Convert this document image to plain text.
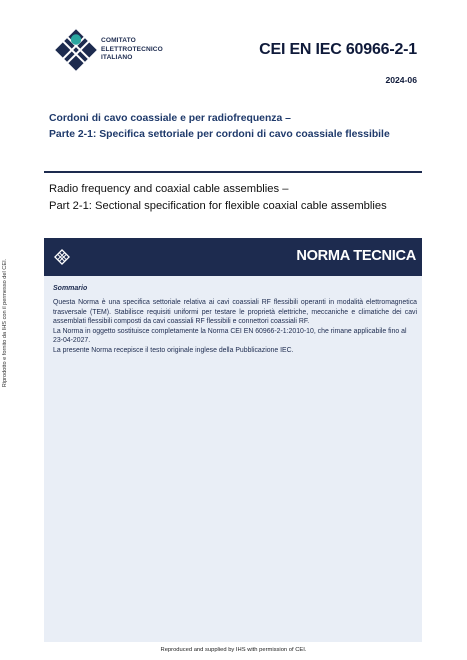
Riprodotto e fornito da IHS con il permesso del CEI.
COMITATO
ELETTROTECNICO
ITALIANO	CEI EN IEC 60966-2-1
2024-06
Cordoni di cavo coassiale e per radiofrequenza –
Parte 2-1: Specifica settoriale per cordoni di cavo coassiale flessibile
Radio frequency and coaxial cable assemblies –
Part 2-1: Sectional specification for flexible coaxial cable assemblies
NORMA TECNICA
Sommario

Questa Norma è una specifica settoriale relativa ai cavi coassiali RF flessibili operanti in modalità elettromagnetica trasversale (TEM). Stabilisce requisiti uniformi per testare le proprietà elettriche, meccaniche e climatiche dei cavi assemblati flessibili composti da cavi coassiali RF flessibili e connettori coassiali RF.

La Norma in oggetto sostituisce completamente la Norma CEI EN 60966-2-1:2010-10, che rimane applicabile fino al 23-04-2027.

La presente Norma recepisce il testo originale inglese della Pubblicazione IEC.

Reproduced and supplied by IHS with permission of CEI.
